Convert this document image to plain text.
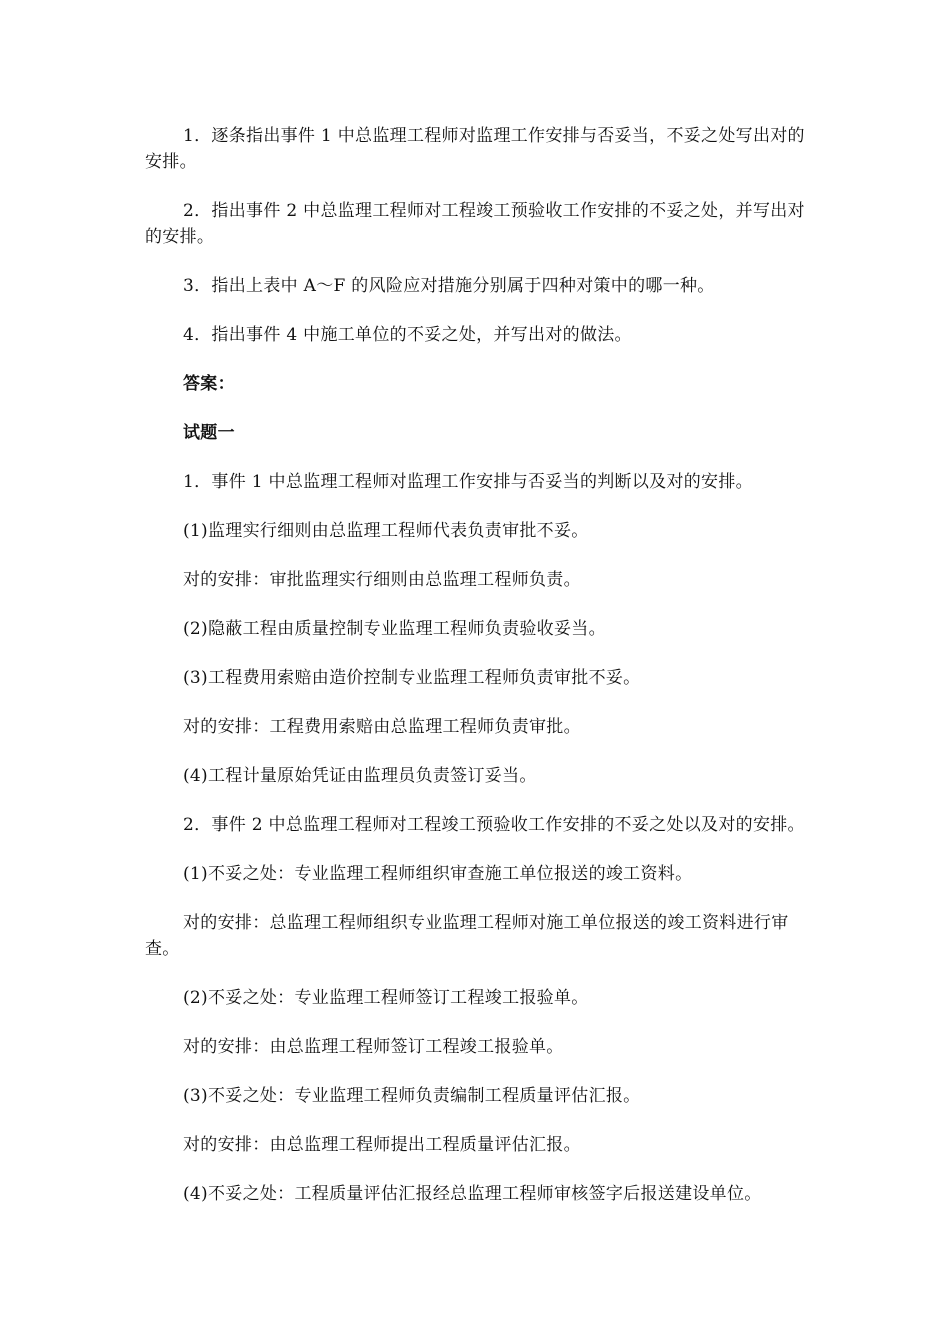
1．逐条指出事件 1 中总监理工程师对监理工作安排与否妥当，不妥之处写出对的安排。

2．指出事件 2 中总监理工程师对工程竣工预验收工作安排的不妥之处，并写出对的安排。

3．指出上表中 A～F 的风险应对措施分别属于四种对策中的哪一种。

4．指出事件 4 中施工单位的不妥之处，并写出对的做法。

答案：

试题一

1．事件 1 中总监理工程师对监理工作安排与否妥当的判断以及对的安排。

(1)监理实行细则由总监理工程师代表负责审批不妥。

对的安排：审批监理实行细则由总监理工程师负责。

(2)隐蔽工程由质量控制专业监理工程师负责验收妥当。

(3)工程费用索赔由造价控制专业监理工程师负责审批不妥。

对的安排：工程费用索赔由总监理工程师负责审批。

(4)工程计量原始凭证由监理员负责签订妥当。

2．事件 2 中总监理工程师对工程竣工预验收工作安排的不妥之处以及对的安排。

(1)不妥之处：专业监理工程师组织审查施工单位报送的竣工资料。

对的安排：总监理工程师组织专业监理工程师对施工单位报送的竣工资料进行审查。

(2)不妥之处：专业监理工程师签订工程竣工报验单。

对的安排：由总监理工程师签订工程竣工报验单。

(3)不妥之处：专业监理工程师负责编制工程质量评估汇报。

对的安排：由总监理工程师提出工程质量评估汇报。

(4)不妥之处：工程质量评估汇报经总监理工程师审核签字后报送建设单位。
